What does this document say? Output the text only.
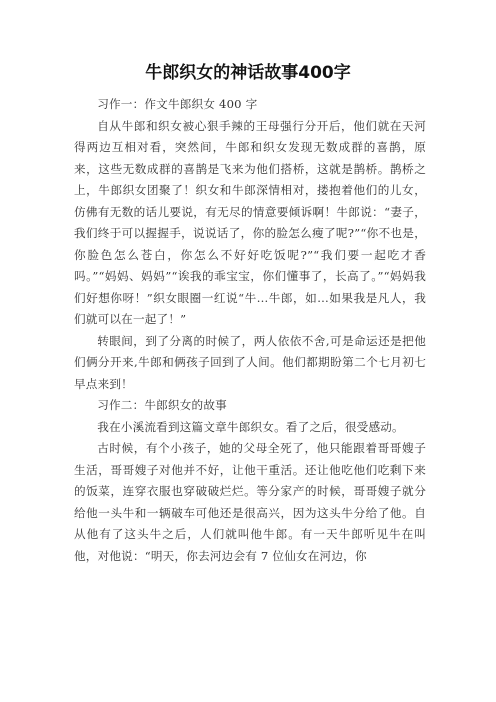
牛郎织女的神话故事400字

习作一：作文牛郎织女 400 字

自从牛郎和织女被心狠手辣的王母强行分开后，他们就在天河得两边互相对看，突然间，牛郎和织女发现无数成群的喜鹊，原来，这些无数成群的喜鹊是飞来为他们搭桥，这就是鹊桥。鹊桥之上，牛郎织女团聚了！织女和牛郎深情相对，搂抱着他们的儿女，仿佛有无数的话儿要说，有无尽的情意要倾诉啊！牛郎说：“妻子，我们终于可以握握手，说说话了，你的脸怎么瘦了呢?”“你不也是，你脸色怎么苍白，你怎么不好好吃饭呢?”“我们要一起吃才香吗。”“妈妈、妈妈”“诶我的乖宝宝，你们懂事了，长高了。”“妈妈我们好想你呀！”织女眼圈一红说“牛...牛郎，如...如果我是凡人，我们就可以在一起了！”

转眼间，到了分离的时候了，两人依依不舍,可是命运还是把他们俩分开来,牛郎和俩孩子回到了人间。他们都期盼第二个七月初七早点来到！

习作二：牛郎织女的故事

我在小溪流看到这篇文章牛郎织女。看了之后，很受感动。

古时候，有个小孩子，她的父母全死了，他只能跟着哥哥嫂子生活，哥哥嫂子对他并不好，让他干重活。还让他吃他们吃剩下来的饭菜，连穿衣服也穿破破烂烂。等分家产的时候，哥哥嫂子就分给他一头牛和一辆破车可他还是很高兴，因为这头牛分给了他。自从他有了这头牛之后，人们就叫他牛郎。有一天牛郎听见牛在叫他，对他说：“明天，你去河边会有 7 位仙女在河边，你
